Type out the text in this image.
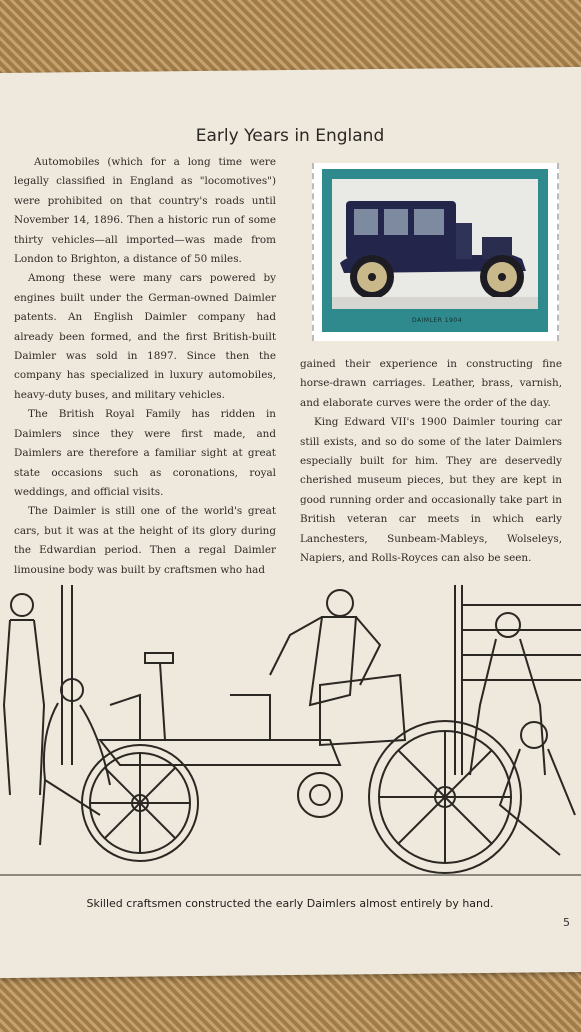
Early Years in England

Automobiles (which for a long time were legally classified in England as "locomotives") were prohibited on that country's roads until November 14, 1896. Then a historic run of some thirty vehicles—all imported—was made from London to Brighton, a distance of 50 miles.

Among these were many cars powered by engines built under the German-owned Daimler patents. An English Daimler company had already been formed, and the first British-built Daimler was sold in 1897. Since then the company has specialized in luxury automobiles, heavy-duty buses, and military vehicles.

The British Royal Family has ridden in Daimlers since they were first made, and Daimlers are therefore a familiar sight at great state occasions such as coronations, royal weddings, and official visits.

The Daimler is still one of the world's great cars, but it was at the height of its glory during the Edwardian period. Then a regal Daimler limousine body was built by craftsmen who had

DAIMLER 1904

gained their experience in constructing fine horse-drawn carriages. Leather, brass, varnish, and elaborate curves were the order of the day.

King Edward VII's 1900 Daimler touring car still exists, and so do some of the later Daimlers especially built for him. They are deservedly cherished museum pieces, but they are kept in good running order and occasionally take part in British veteran car meets in which early Lanchesters, Sunbeam-Mableys, Wolseleys, Napiers, and Rolls-Royces can also be seen.

Skilled craftsmen constructed the early Daimlers almost entirely by hand.
5
